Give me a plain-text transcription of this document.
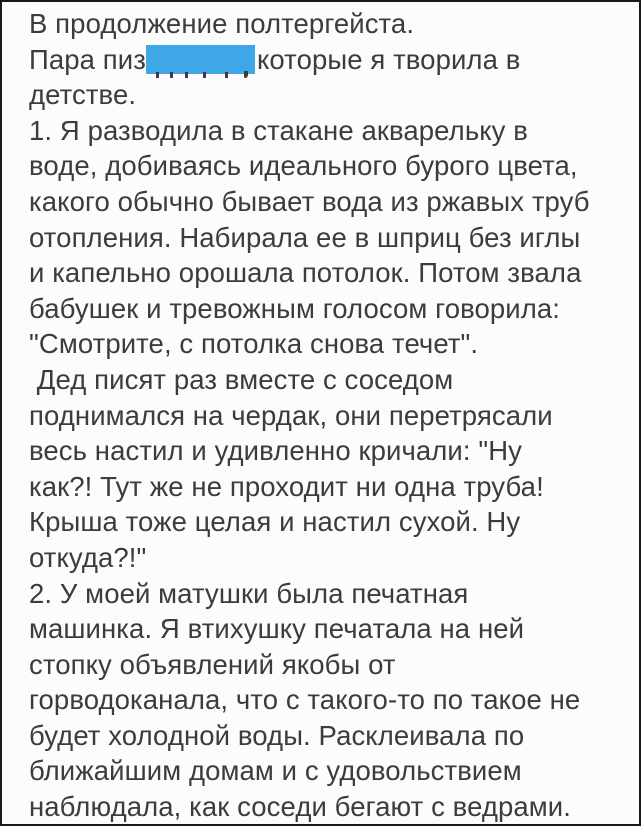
В продолжение полтергейста.
Пара пиз	которые я творила в
детстве.
1. Я разводила в стакане акварельку в
воде, добиваясь идеального бурого цвета,
какого обычно бывает вода из ржавых труб
отопления. Набирала ее в шприц без иглы
и капельно орошала потолок. Потом звала
бабушек и тревожным голосом говорила:
"Смотрите, с потолка снова течет".
Дед писят раз вместе с соседом
поднимался на чердак, они перетрясали
весь настил и удивленно кричали: "Ну
как?! Тут же не проходит ни одна труба!
Крыша тоже целая и настил сухой. Ну
откуда?!"
2. У моей матушки была печатная
машинка. Я втихушку печатала на ней
стопку объявлений якобы от
горводоканала, что с такого-то по такое не
будет холодной воды. Расклеивала по
ближайшим домам и с удовольствием
наблюдала, как соседи бегают с ведрами.
